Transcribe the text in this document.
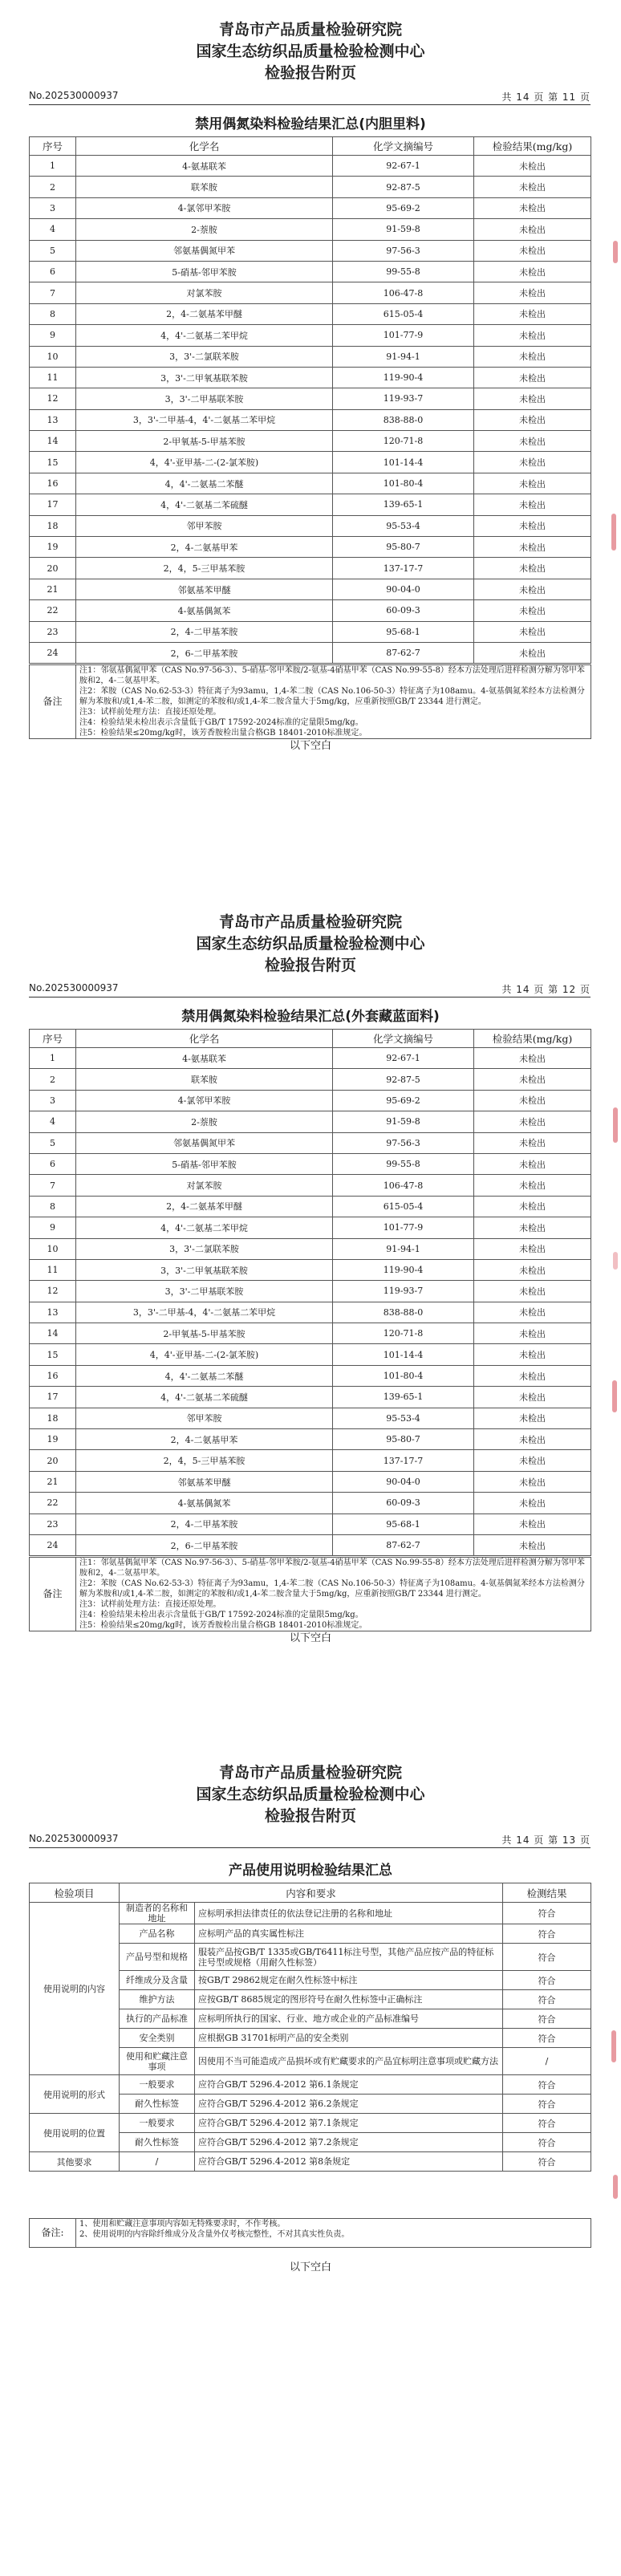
青岛市产品质量检验研究院
国家生态纺织品质量检验检测中心
检验报告附页
No.202530000937	共 14 页 第 11 页
禁用偶氮染料检验结果汇总(内胆里料)
序号	化学名	化学文摘编号	检验结果(mg/kg)
1	4-氨基联苯	92-67-1	未检出
2	联苯胺	92-87-5	未检出
3	4-氯邻甲苯胺	95-69-2	未检出
4	2-萘胺	91-59-8	未检出
5	邻氨基偶氮甲苯	97-56-3	未检出
6	5-硝基-邻甲苯胺	99-55-8	未检出
7	对氯苯胺	106-47-8	未检出
8	2，4-二氨基苯甲醚	615-05-4	未检出
9	4，4'-二氨基二苯甲烷	101-77-9	未检出
10	3，3'-二氯联苯胺	91-94-1	未检出
11	3，3'-二甲氧基联苯胺	119-90-4	未检出
12	3，3'-二甲基联苯胺	119-93-7	未检出
13	3，3'-二甲基-4，4'-二氨基二苯甲烷	838-88-0	未检出
14	2-甲氧基-5-甲基苯胺	120-71-8	未检出
15	4，4'-亚甲基-二-(2-氯苯胺)	101-14-4	未检出
16	4，4'-二氨基二苯醚	101-80-4	未检出
17	4，4'-二氨基二苯硫醚	139-65-1	未检出
18	邻甲苯胺	95-53-4	未检出
19	2，4-二氨基甲苯	95-80-7	未检出
20	2，4，5-三甲基苯胺	137-17-7	未检出
21	邻氨基苯甲醚	90-04-0	未检出
22	4-氨基偶氮苯	60-09-3	未检出
23	2，4-二甲基苯胺	95-68-1	未检出
24	2，6-二甲基苯胺	87-62-7	未检出
备注	
注1：邻氨基偶氮甲苯（CAS No.97-56-3）、5-硝基-邻甲苯胺/2-氨基-4硝基甲苯（CAS No.99-55-8）经本方法处理后进样检测分解为邻甲苯胺和2，4-二氨基甲苯。
注2：苯胺（CAS No.62-53-3）特征离子为93amu，1,4-苯二胺（CAS No.106-50-3）特征离子为108amu。4-氨基偶氮苯经本方法检测分解为苯胺和/或1,4-苯二胺，如测定的苯胺和/或1,4-苯二胺含量大于5mg/kg，应重新按照GB/T 23344 进行测定。
注3：试样前处理方法：直接还原处理。
注4：检验结果未检出表示含量低于GB/T 17592-2024标准的定量限5mg/kg。
注5：检验结果≤20mg/kg时，该芳香胺检出量合格GB 18401-2010标准规定。
以下空白
青岛市产品质量检验研究院
国家生态纺织品质量检验检测中心
检验报告附页
No.202530000937	共 14 页 第 12 页
禁用偶氮染料检验结果汇总(外套藏蓝面料)
序号	化学名	化学文摘编号	检验结果(mg/kg)
1	4-氨基联苯	92-67-1	未检出
2	联苯胺	92-87-5	未检出
3	4-氯邻甲苯胺	95-69-2	未检出
4	2-萘胺	91-59-8	未检出
5	邻氨基偶氮甲苯	97-56-3	未检出
6	5-硝基-邻甲苯胺	99-55-8	未检出
7	对氯苯胺	106-47-8	未检出
8	2，4-二氨基苯甲醚	615-05-4	未检出
9	4，4'-二氨基二苯甲烷	101-77-9	未检出
10	3，3'-二氯联苯胺	91-94-1	未检出
11	3，3'-二甲氧基联苯胺	119-90-4	未检出
12	3，3'-二甲基联苯胺	119-93-7	未检出
13	3，3'-二甲基-4，4'-二氨基二苯甲烷	838-88-0	未检出
14	2-甲氧基-5-甲基苯胺	120-71-8	未检出
15	4，4'-亚甲基-二-(2-氯苯胺)	101-14-4	未检出
16	4，4'-二氨基二苯醚	101-80-4	未检出
17	4，4'-二氨基二苯硫醚	139-65-1	未检出
18	邻甲苯胺	95-53-4	未检出
19	2，4-二氨基甲苯	95-80-7	未检出
20	2，4，5-三甲基苯胺	137-17-7	未检出
21	邻氨基苯甲醚	90-04-0	未检出
22	4-氨基偶氮苯	60-09-3	未检出
23	2，4-二甲基苯胺	95-68-1	未检出
24	2，6-二甲基苯胺	87-62-7	未检出
备注	
注1：邻氨基偶氮甲苯（CAS No.97-56-3）、5-硝基-邻甲苯胺/2-氨基-4硝基甲苯（CAS No.99-55-8）经本方法处理后进样检测分解为邻甲苯胺和2，4-二氨基甲苯。
注2：苯胺（CAS No.62-53-3）特征离子为93amu，1,4-苯二胺（CAS No.106-50-3）特征离子为108amu。4-氨基偶氮苯经本方法检测分解为苯胺和/或1,4-苯二胺，如测定的苯胺和/或1,4-苯二胺含量大于5mg/kg，应重新按照GB/T 23344 进行测定。
注3：试样前处理方法：直接还原处理。
注4：检验结果未检出表示含量低于GB/T 17592-2024标准的定量限5mg/kg。
注5：检验结果≤20mg/kg时，该芳香胺检出量合格GB 18401-2010标准规定。
以下空白
青岛市产品质量检验研究院
国家生态纺织品质量检验检测中心
检验报告附页
No.202530000937	共 14 页 第 13 页
产品使用说明检验结果汇总
检验项目	内容和要求		检测结果
使用说明的内容	制造者的名称和地址	应标明承担法律责任的依法登记注册的名称和地址	符合
	产品名称	应标明产品的真实属性标注	符合
	产品号型和规格	服装产品按GB/T 1335或GB/T6411标注号型，其他产品应按产品的特征标注号型或规格（用耐久性标签）	符合
	纤维成分及含量	按GB/T 29862规定在耐久性标签中标注	符合
	维护方法	应按GB/T 8685规定的图形符号在耐久性标签中正确标注	符合
	执行的产品标准	应标明所执行的国家、行业、地方或企业的产品标准编号	符合
	安全类别	应根据GB 31701标明产品的安全类别	符合
	使用和贮藏注意事项	因使用不当可能造成产品损坏或有贮藏要求的产品宜标明注意事项或贮藏方法	/
使用说明的形式	一般要求	应符合GB/T 5296.4-2012 第6.1条规定	符合
	耐久性标签	应符合GB/T 5296.4-2012 第6.2条规定	符合
使用说明的位置	一般要求	应符合GB/T 5296.4-2012 第7.1条规定	符合
	耐久性标签	应符合GB/T 5296.4-2012 第7.2条规定	符合
其他要求	/	应符合GB/T 5296.4-2012 第8条规定	符合
备注:	
1、使用和贮藏注意事项内容如无特殊要求时，不作考核。
2、使用说明的内容除纤维成分及含量外仅考核完整性，不对其真实性负责。
以下空白
